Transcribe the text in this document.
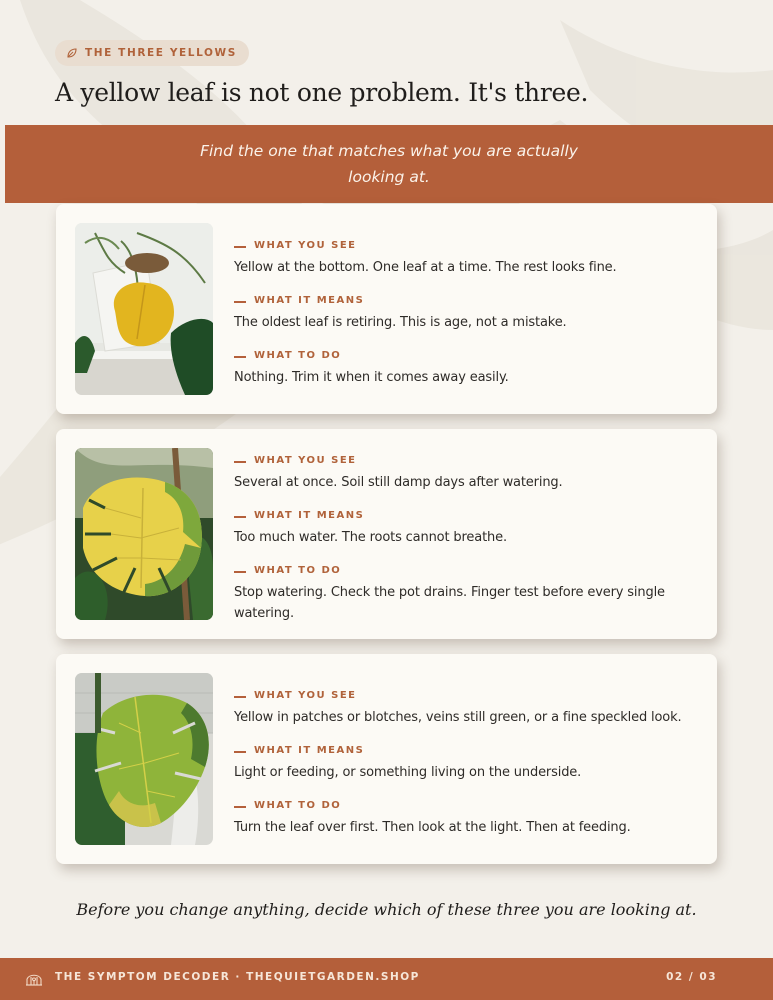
THE THREE YELLOWS
A yellow leaf is not one problem. It's three.
Find the one that matches what you are actually looking at.
WHAT YOU SEE

Yellow at the bottom. One leaf at a time. The rest looks fine.

WHAT IT MEANS

The oldest leaf is retiring. This is age, not a mistake.

WHAT TO DO

Nothing. Trim it when it comes away easily.

WHAT YOU SEE

Several at once. Soil still damp days after watering.

WHAT IT MEANS

Too much water. The roots cannot breathe.

WHAT TO DO

Stop watering. Check the pot drains. Finger test before every single watering.

WHAT YOU SEE

Yellow in patches or blotches, veins still green, or a fine speckled look.

WHAT IT MEANS

Light or feeding, or something living on the underside.

WHAT TO DO

Turn the leaf over first. Then look at the light. Then at feeding.

Before you change anything, decide which of these three you are looking at.

THE SYMPTOM DECODER · THEQUIETGARDEN.SHOP	02 / 03
